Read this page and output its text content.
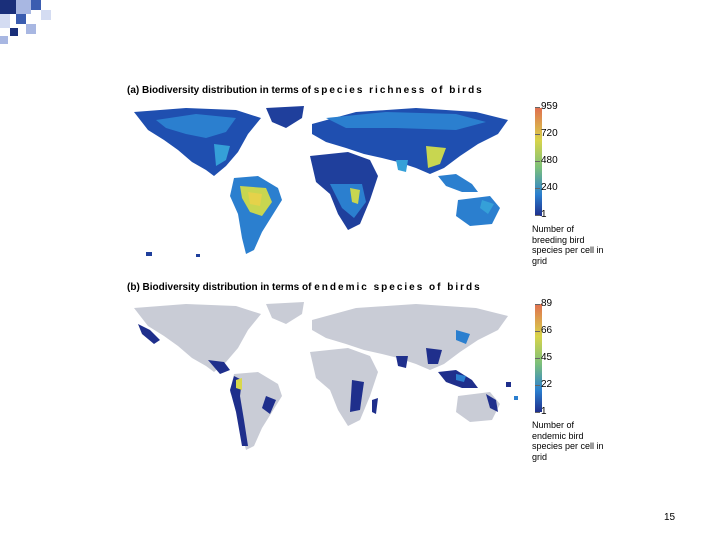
(a) Biodiversity distribution in terms of species richness of birds
959
720
480
240
1
Number of breeding bird species per cell in grid
(b) Biodiversity distribution in terms of endemic species of birds
89
66
45
22
1
Number of endemic bird species per cell in grid
15
